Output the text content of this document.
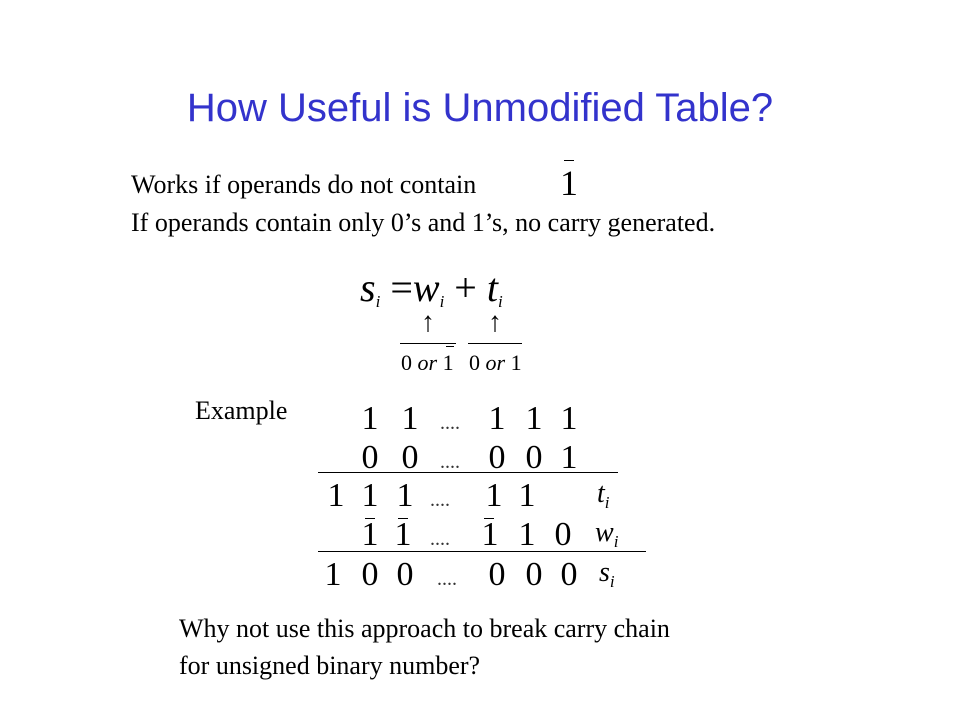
How Useful is Unmodified Table?
Works if operands do not contain 1
If operands contain only 0’s and 1’s, no carry generated.
$s_i =w_i + t_i$
↑ ↑
0 or 1 0 or 1
Example 1 1 .... 1 1 1
0 0 .... 0 0 1
1 1 1 .... 1 1 $t_i$
1 1 .... 1 1 0 $w_i$
1 0 0 .... 0 0 0 $s_i$
Why not use this approach to break carry chain
for unsigned binary number?
